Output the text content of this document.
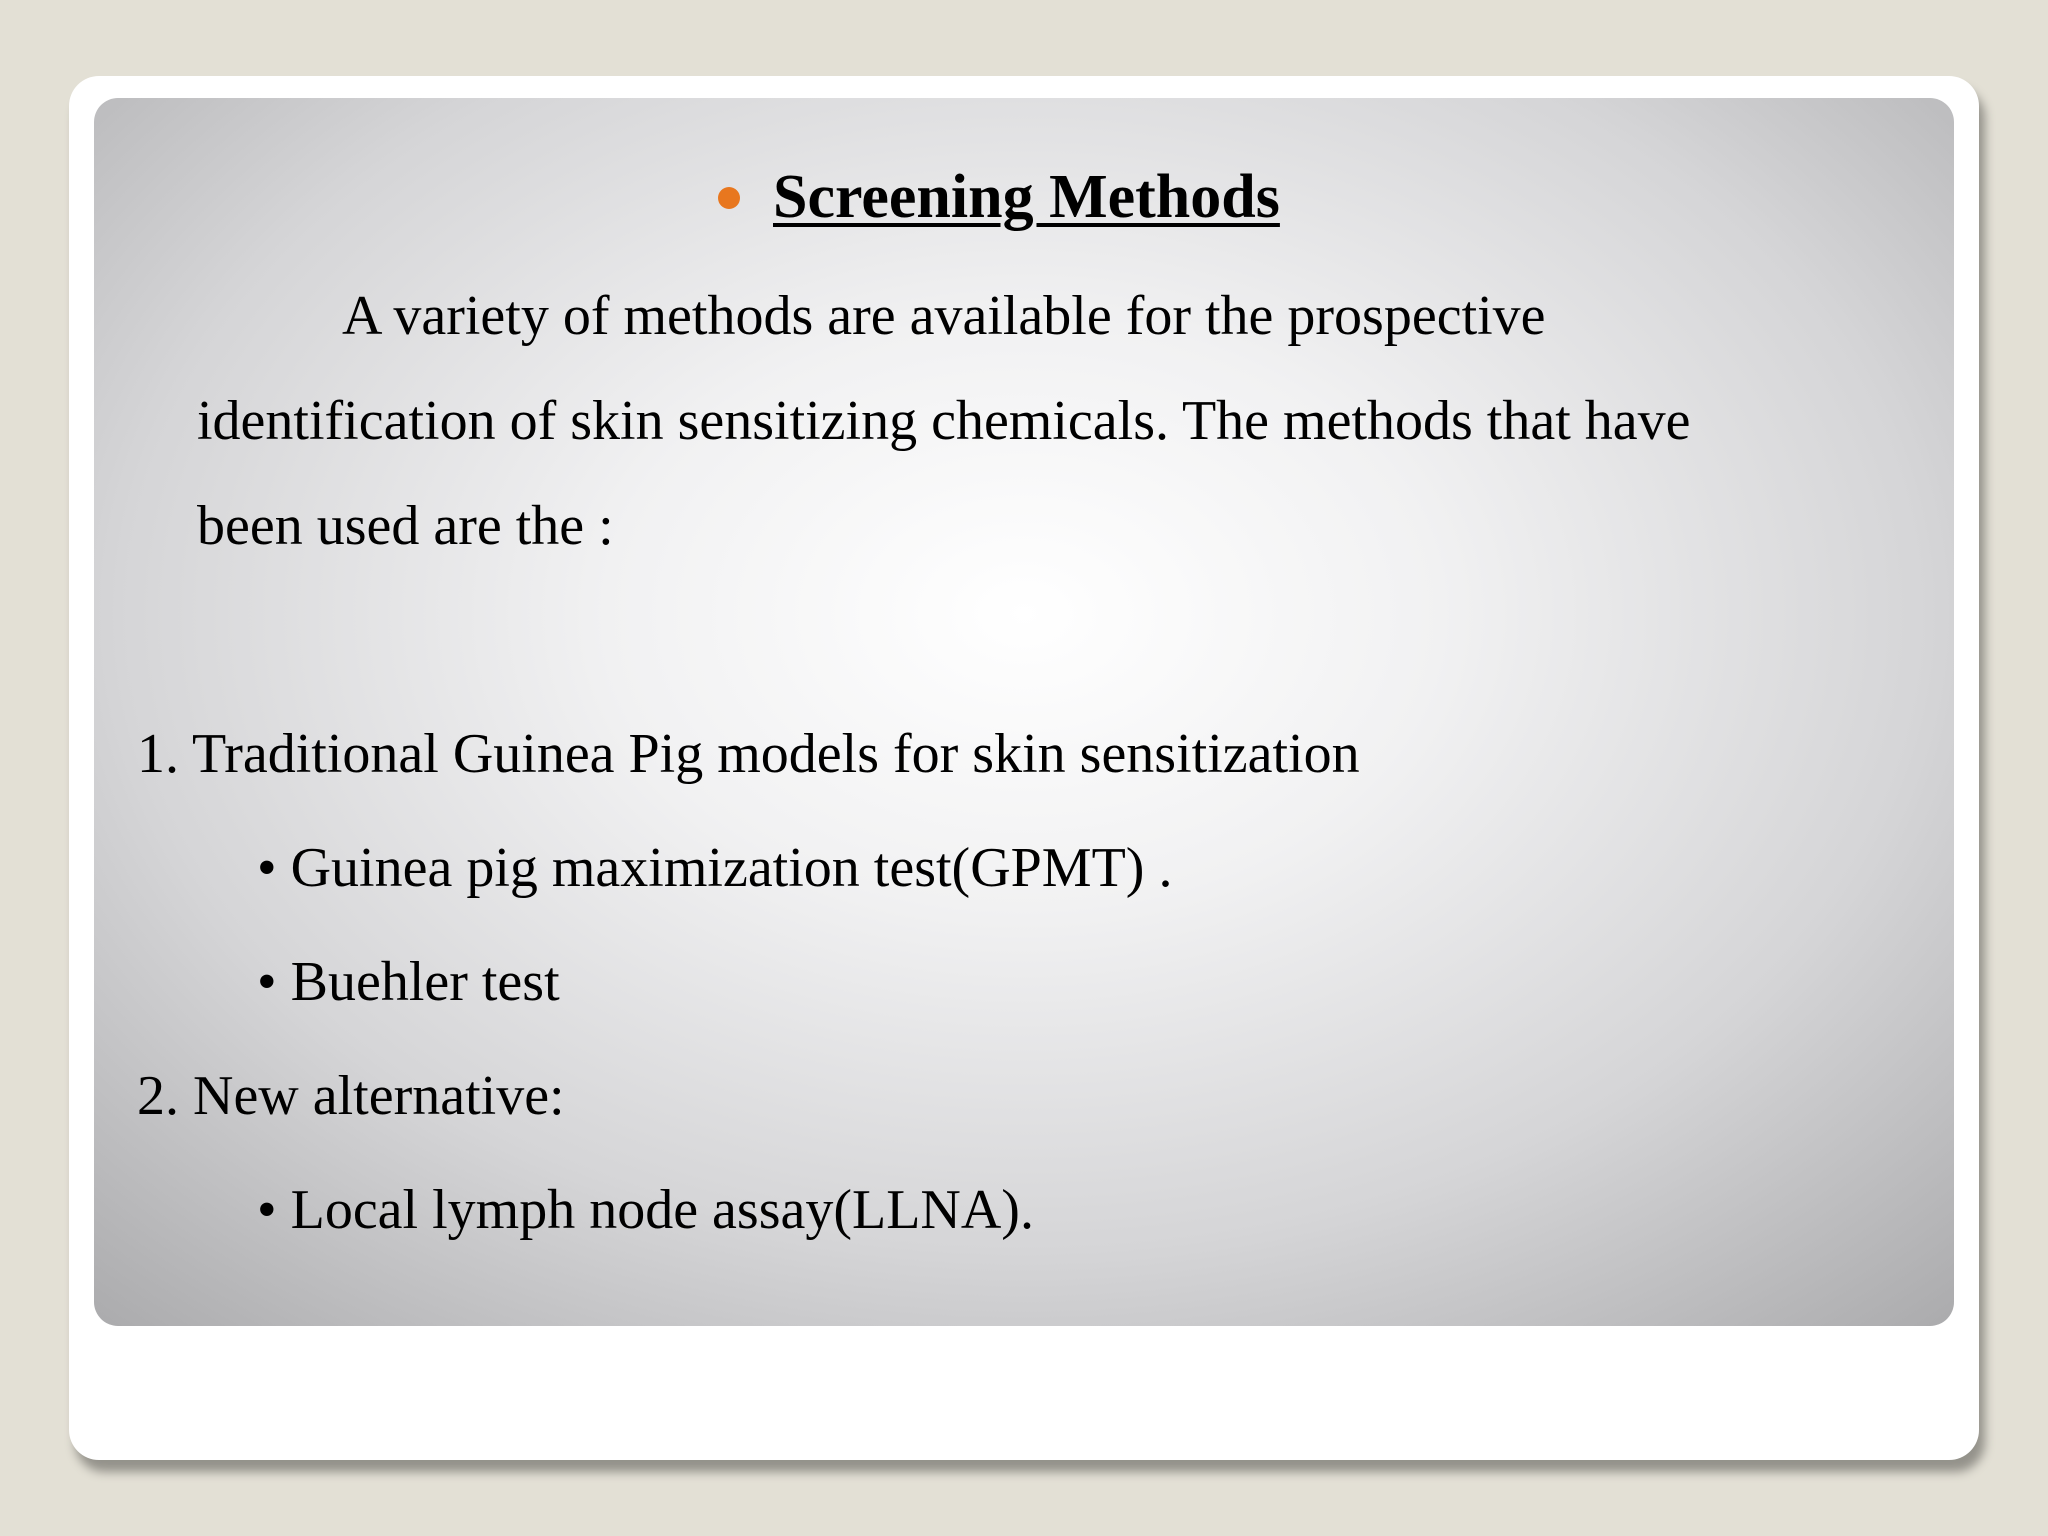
Screening Methods
A variety of methods are available for the prospective
identification of skin sensitizing chemicals. The methods that have
been used are the :
1. Traditional Guinea Pig models for skin sensitization
• Guinea pig maximization test(GPMT) .
• Buehler test
2. New alternative:
• Local lymph node assay(LLNA).
